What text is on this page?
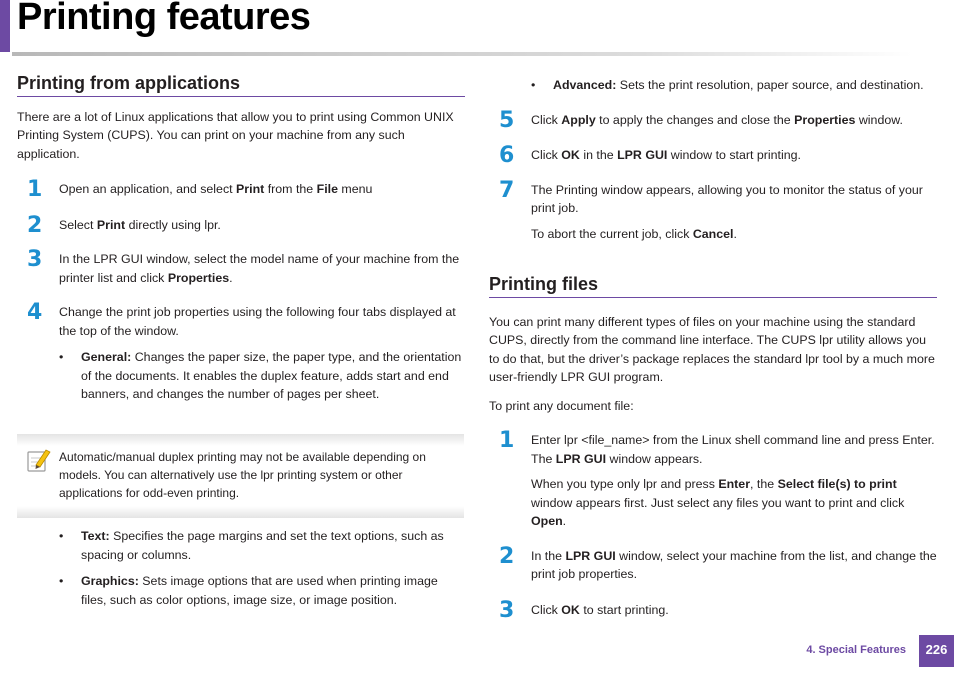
Printing features
Printing from applications

There are a lot of Linux applications that allow you to print using Common UNIX Printing System (CUPS). You can print on your machine from any such application.

1 Open an application, and select Print from the File menu
2 Select Print directly using lpr.
3 In the LPR GUI window, select the model name of your machine from the printer list and click Properties.
4 Change the print job properties using the following four tabs displayed at the top of the window.
• General: Changes the paper size, the paper type, and the orientation of the documents. It enables the duplex feature, adds start and end banners, and changes the number of pages per sheet.
Automatic/manual duplex printing may not be available depending on models. You can alternatively use the lpr printing system or other applications for odd-even printing.
• Text: Specifies the page margins and set the text options, such as spacing or columns.
• Graphics: Sets image options that are used when printing image files, such as color options, image size, or image position.
• Advanced: Sets the print resolution, paper source, and destination.
5 Click Apply to apply the changes and close the Properties window.
6 Click OK in the LPR GUI window to start printing.
7 The Printing window appears, allowing you to monitor the status of your print job.
To abort the current job, click Cancel.
Printing files

You can print many different types of files on your machine using the standard CUPS, directly from the command line interface. The CUPS lpr utility allows you to do that, but the driver’s package replaces the standard lpr tool by a much more user-friendly LPR GUI program.

To print any document file:

1 Enter lpr <file_name> from the Linux shell command line and press Enter. The LPR GUI window appears.
When you type only lpr and press Enter, the Select file(s) to print window appears first. Just select any files you want to print and click Open.
2 In the LPR GUI window, select your machine from the list, and change the print job properties.
3 Click OK to start printing.
4. Special Features	226
